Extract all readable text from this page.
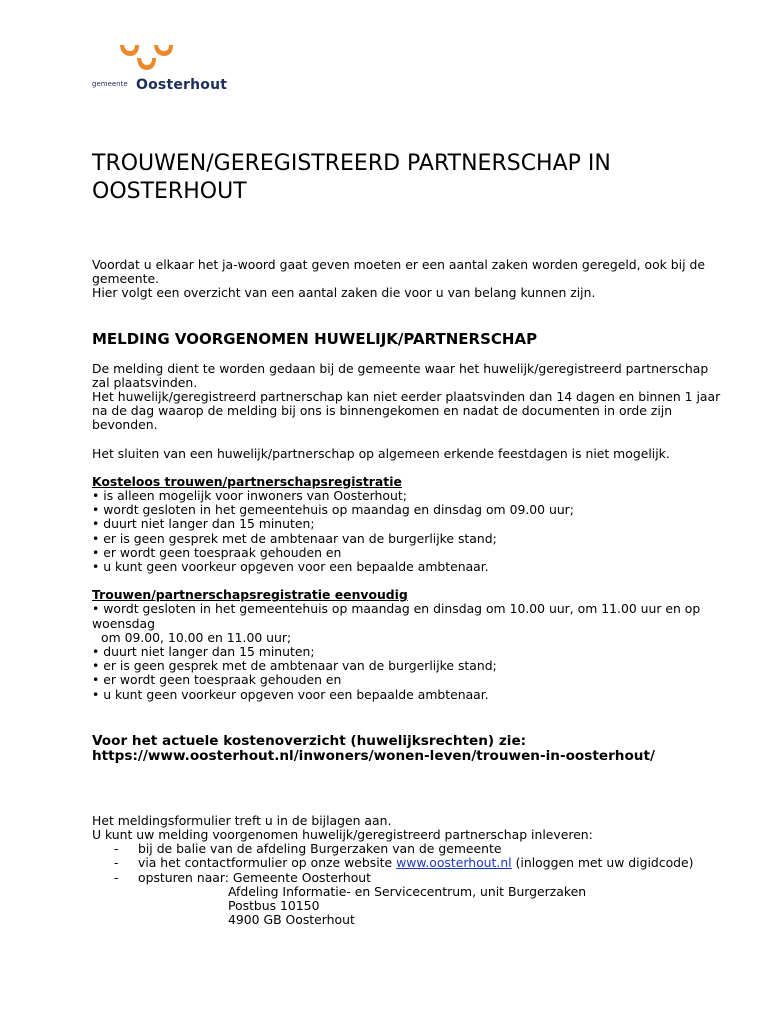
gemeente Oosterhout
TROUWEN/GEREGISTREERD PARTNERSCHAP IN OOSTERHOUT

Voordat u elkaar het ja-woord gaat geven moeten er een aantal zaken worden geregeld, ook bij de gemeente.

Hier volgt een overzicht van een aantal zaken die voor u van belang kunnen zijn.

MELDING VOORGENOMEN HUWELIJK/PARTNERSCHAP

De melding dient te worden gedaan bij de gemeente waar het huwelijk/geregistreerd partnerschap zal plaatsvinden.

Het huwelijk/geregistreerd partnerschap kan niet eerder plaatsvinden dan 14 dagen en binnen 1 jaar na de dag waarop de melding bij ons is binnengekomen en nadat de documenten in orde zijn bevonden.

Het sluiten van een huwelijk/partnerschap op algemeen erkende feestdagen is niet mogelijk.

Kosteloos trouwen/partnerschapsregistratie
• is alleen mogelijk voor inwoners van Oosterhout;
• wordt gesloten in het gemeentehuis op maandag en dinsdag om 09.00 uur;
• duurt niet langer dan 15 minuten;
• er is geen gesprek met de ambtenaar van de burgerlijke stand;
• er wordt geen toespraak gehouden en
• u kunt geen voorkeur opgeven voor een bepaalde ambtenaar.
Trouwen/partnerschapsregistratie eenvoudig
• wordt gesloten in het gemeentehuis op maandag en dinsdag om 10.00 uur, om 11.00 uur en op woensdag
om 09.00, 10.00 en 11.00 uur;
• duurt niet langer dan 15 minuten;
• er is geen gesprek met de ambtenaar van de burgerlijke stand;
• er wordt geen toespraak gehouden en
• u kunt geen voorkeur opgeven voor een bepaalde ambtenaar.

Voor het actuele kostenoverzicht (huwelijksrechten) zie:

https://www.oosterhout.nl/inwoners/wonen-leven/trouwen-in-oosterhout/

Het meldingsformulier treft u in de bijlagen aan.

U kunt uw melding voorgenomen huwelijk/geregistreerd partnerschap inleveren:

-	bij de balie van de afdeling Burgerzaken van de gemeente
-	via het contactformulier op onze website www.oosterhout.nl (inloggen met uw digidcode)
-	opsturen naar: Gemeente Oosterhout

Afdeling Informatie- en Servicecentrum, unit Burgerzaken

Postbus 10150

4900 GB Oosterhout
